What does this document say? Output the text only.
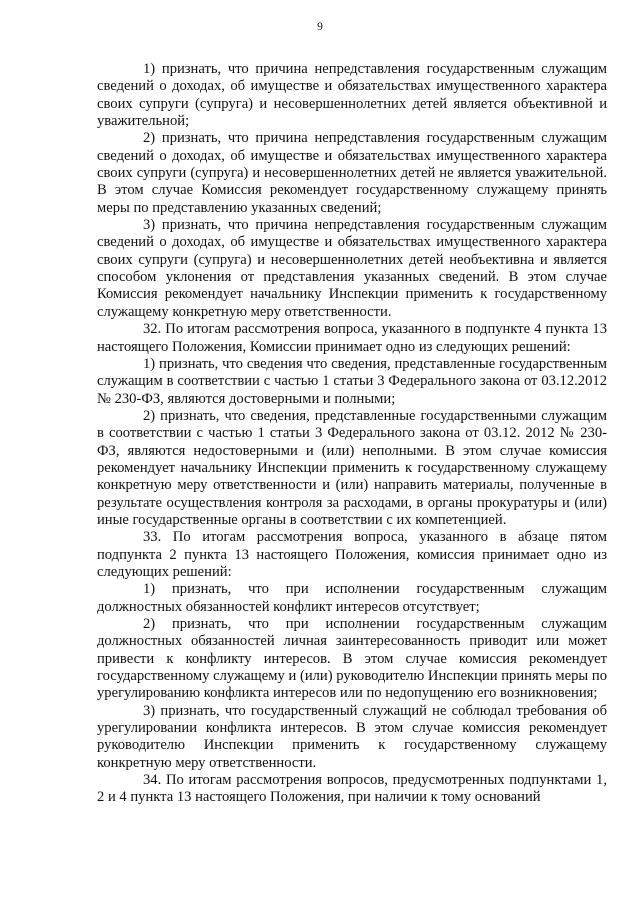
9

1) признать, что причина непредставления государственным служащим сведений о доходах, об имуществе и обязательствах имущественного характера своих супруги (супруга) и несовершеннолетних детей является объективной и уважительной;

2) признать, что причина непредставления государственным служащим сведений о доходах, об имуществе и обязательствах имущественного характера своих супруги (супруга) и несовершеннолетних детей не является уважительной. В этом случае Комиссия рекомендует государственному служащему принять меры по представлению указанных сведений;

3) признать, что причина непредставления государственным служащим сведений о доходах, об имуществе и обязательствах имущественного характера своих супруги (супруга) и несовершеннолетних детей необъективна и является способом уклонения от представления указанных сведений. В этом случае Комиссия рекомендует начальнику Инспекции применить к государственному служащему конкретную меру ответственности.

32. По итогам рассмотрения вопроса, указанного в подпункте 4 пункта 13 настоящего Положения, Комиссии принимает одно из следующих решений:

1) признать, что сведения что сведения, представленные государственным служащим в соответствии с частью 1 статьи 3 Федерального закона от 03.12.2012 № 230-ФЗ, являются достоверными и полными;

2) признать, что сведения, представленные государственными служащим в соответствии с частью 1 статьи 3 Федерального закона от 03.12. 2012 № 230-ФЗ, являются недостоверными и (или) неполными. В этом случае комиссия рекомендует начальнику Инспекции применить к государственному служащему конкретную меру ответственности и (или) направить материалы, полученные в результате осуществления контроля за расходами, в органы прокуратуры и (или) иные государственные органы в соответствии с их компетенцией.

33. По итогам рассмотрения вопроса, указанного в абзаце пятом подпункта 2 пункта 13 настоящего Положения, комиссия принимает одно из следующих решений:

1) признать, что при исполнении государственным служащим должностных обязанностей конфликт интересов отсутствует;

2) признать, что при исполнении государственным служащим должностных обязанностей личная заинтересованность приводит или может привести к конфликту интересов. В этом случае комиссия рекомендует государственному служащему и (или) руководителю Инспекции принять меры по урегулированию конфликта интересов или по недопущению его возникновения;

3) признать, что государственный служащий не соблюдал требования об урегулировании конфликта интересов. В этом случае комиссия рекомендует руководителю Инспекции применить к государственному служащему конкретную меру ответственности.

34. По итогам рассмотрения вопросов, предусмотренных подпунктами 1, 2 и 4 пункта 13 настоящего Положения, при наличии к тому оснований
